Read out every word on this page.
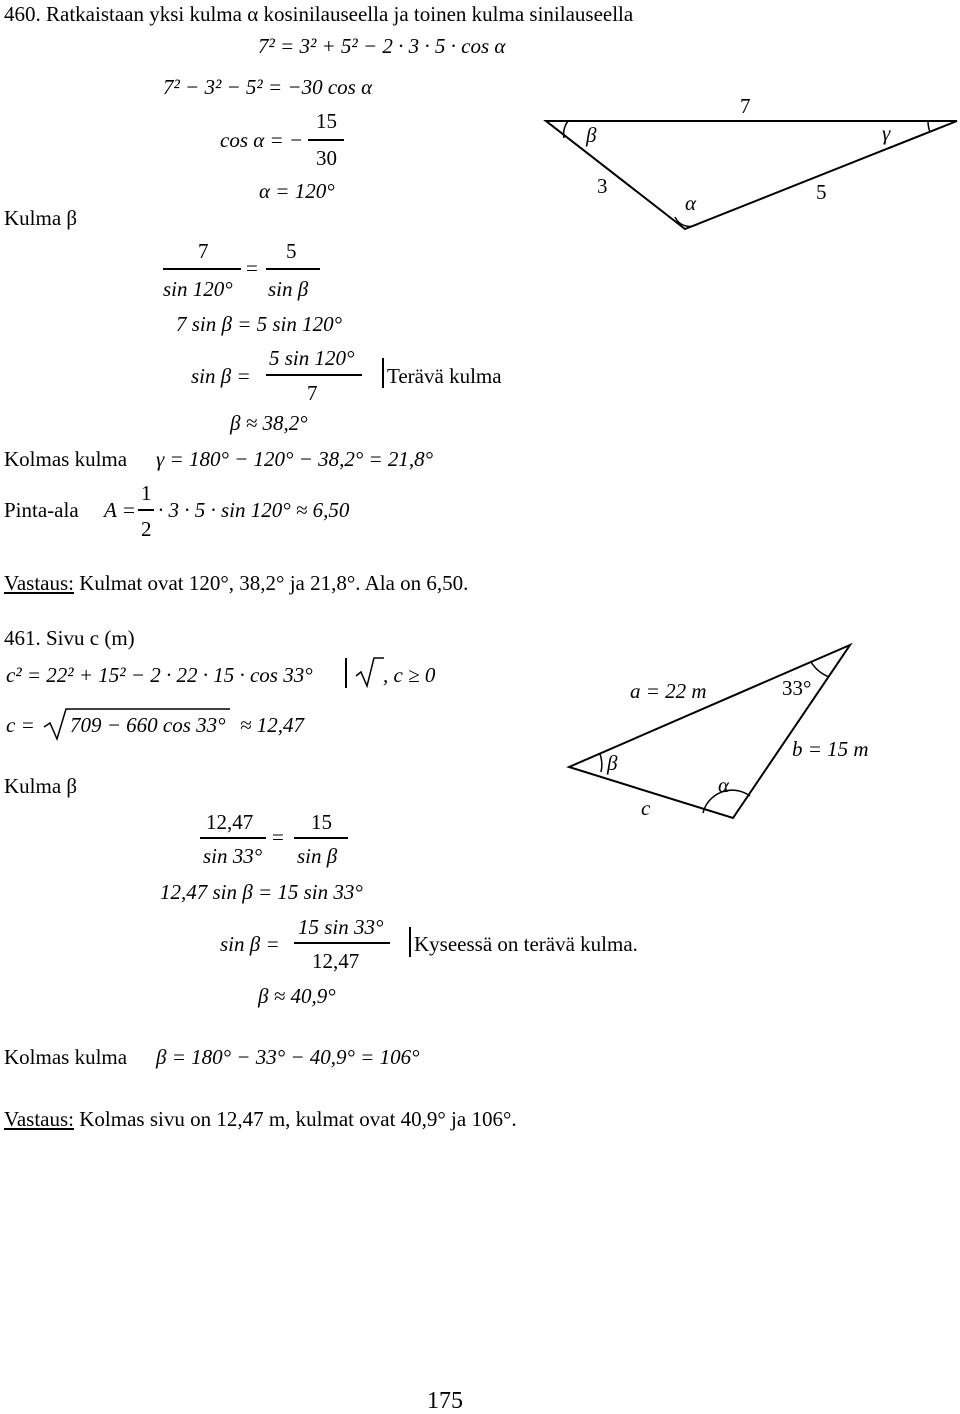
460. Ratkaistaan yksi kulma α kosinilauseella ja toinen kulma sinilauseella
7² = 3² + 5² − 2 · 3 · 5 · cos α
7² − 3² − 5² = −30 cos α
cos α = −
15
30
α = 120°
Kulma β
7
sin 120°
=
5
sin β
7 sin β = 5 sin 120°
sin β =
5 sin 120°
7
Terävä kulma
β ≈ 38,2°
Kolmas kulma γ = 180° − 120° − 38,2° = 21,8°
Pinta-ala A =
1
2
· 3 · 5 · sin 120° ≈ 6,50
Vastaus: Kulmat ovat 120°, 38,2° ja 21,8°. Ala on 6,50.
7
3	5
β
α
γ
461. Sivu c (m)
c² = 22² + 15² − 2 · 22 · 15 · cos 33°	, c ≥ 0
c = 709 − 660 cos 33° ≈ 12,47
Kulma β
12,47
sin 33°
=
15
sin β
12,47 sin β = 15 sin 33°
sin β =
15 sin 33°
12,47
Kyseessä on terävä kulma.
β ≈ 40,9°
Kolmas kulma β = 180° − 33° − 40,9° = 106°
Vastaus: Kolmas sivu on 12,47 m, kulmat ovat 40,9° ja 106°.
a = 22 m	33°
b = 15 m
β
α
c
175
